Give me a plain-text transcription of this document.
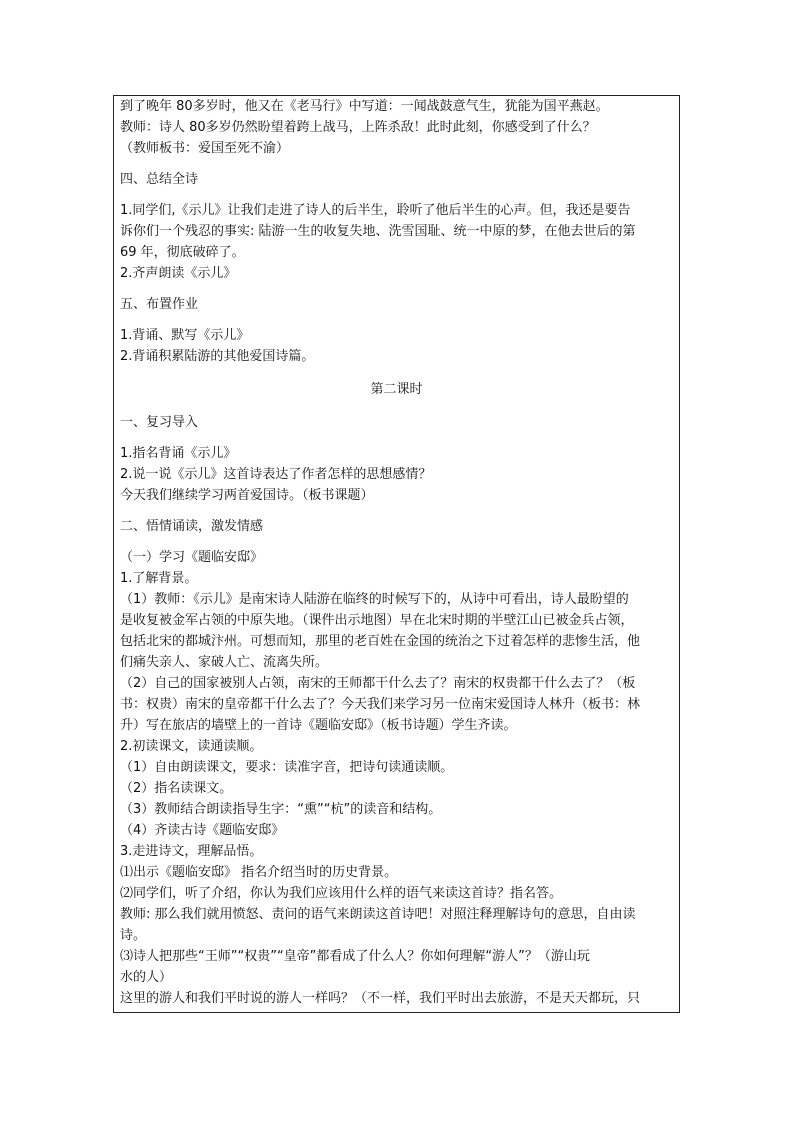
到了晚年 80多岁时，他又在《老马行》中写道：一闻战鼓意气生，犹能为国平燕赵。
教师：诗人 80多岁仍然盼望着跨上战马，上阵杀敌！此时此刻，你感受到了什么？
（教师板书：爱国至死不渝）
四、总结全诗
1.同学们,《示儿》让我们走进了诗人的后半生，聆听了他后半生的心声。但，我还是要告
诉你们一个残忍的事实: 陆游一生的收复失地、洗雪国耻、统一中原的梦，在他去世后的第
69 年，彻底破碎了。
2.齐声朗读《示儿》
五、布置作业
1.背诵、默写《示儿》
2.背诵积累陆游的其他爱国诗篇。
第二课时
一、复习导入
1.指名背诵《示儿》
2.说一说《示儿》这首诗表达了作者怎样的思想感情？
今天我们继续学习两首爱国诗。（板书课题）
二、悟情诵读，激发情感
（一）学习《题临安邸》
1.了解背景。
（1）教师：《示儿》是南宋诗人陆游在临终的时候写下的，从诗中可看出，诗人最盼望的
是收复被金军占领的中原失地。（课件出示地图）早在北宋时期的半壁江山已被金兵占领，
包括北宋的都城汴州。可想而知，那里的老百姓在金国的统治之下过着怎样的悲惨生活，他
们痛失亲人、家破人亡、流离失所。
（2）自己的国家被别人占领，南宋的王师都干什么去了？南宋的权贵都干什么去了？（板
书：权贵）南宋的皇帝都干什么去了？今天我们来学习另一位南宋爱国诗人林升（板书：林
升）写在旅店的墙壁上的一首诗《题临安邸》（板书诗题）学生齐读。
2.初读课文，读通读顺。
（1）自由朗读课文，要求：读准字音，把诗句读通读顺。
（2）指名读课文。
（3）教师结合朗读指导生字：“熏”“杭”的读音和结构。
（4）齐读古诗《题临安邸》
3.走进诗文，理解品悟。
⑴出示《题临安邸》 指名介绍当时的历史背景。
⑵同学们，听了介绍，你认为我们应该用什么样的语气来读这首诗？指名答。
教师: 那么我们就用愤怒、责问的语气来朗读这首诗吧！对照注释理解诗句的意思，自由读
诗。
⑶诗人把那些“王师”“权贵”“皇帝”都看成了什么人？你如何理解“游人”？（游山玩
水的人）
这里的游人和我们平时说的游人一样吗？（不一样，我们平时出去旅游，不是天天都玩，只
